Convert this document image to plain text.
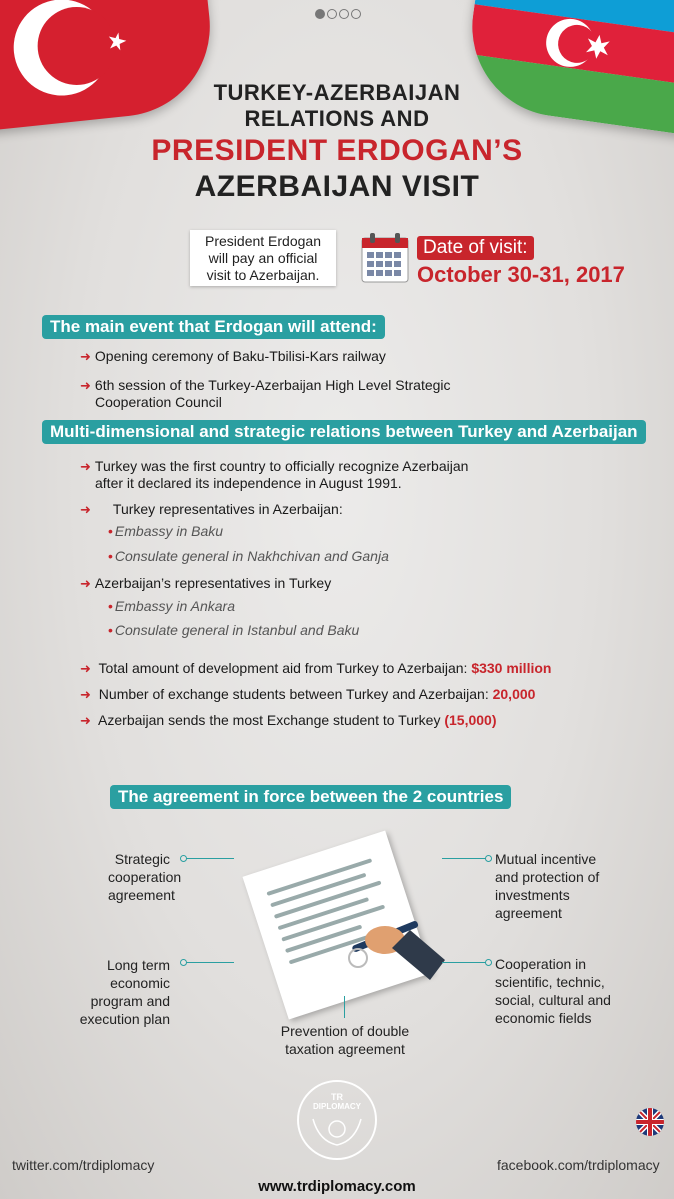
TURKEY-AZERBAIJAN
RELATIONS AND
PRESIDENT ERDOGAN’S
AZERBAIJAN VISIT
President Erdogan
will pay an official
visit to Azerbaijan.
Date of visit:
October 30-31, 2017
The main event that Erdogan will attend:
➜ Opening ceremony of Baku-Tbilisi-Kars railway
➜ 6th session of the Turkey-Azerbaijan High Level Strategic
Cooperation Council
Multi-dimensional and strategic relations between Turkey and Azerbaijan
➜ Turkey was the first country to officially recognize Azerbaijan
after it declared its independence in August 1991.
➜ Turkey representatives in Azerbaijan:
• Embassy in Baku
• Consulate general in Nakhchivan and Ganja
➜ Azerbaijan’s representatives in Turkey
• Embassy in Ankara
• Consulate general in Istanbul and Baku
➜ Total amount of development aid from Turkey to Azerbaijan: $330 million
➜ Number of exchange students between Turkey and Azerbaijan: 20,000
➜ Azerbaijan sends the most Exchange student to Turkey (15,000)
The agreement in force between the 2 countries
Strategic
cooperation
agreement
Long term
economic
program and
execution plan
Prevention of double
taxation agreement
Mutual incentive
and protection of
investments
agreement
Cooperation in
scientific, technic,
social, cultural and
economic fields
TR
DIPLOMACY
twitter.com/trdiplomacy	facebook.com/trdiplomacy
www.trdiplomacy.com
